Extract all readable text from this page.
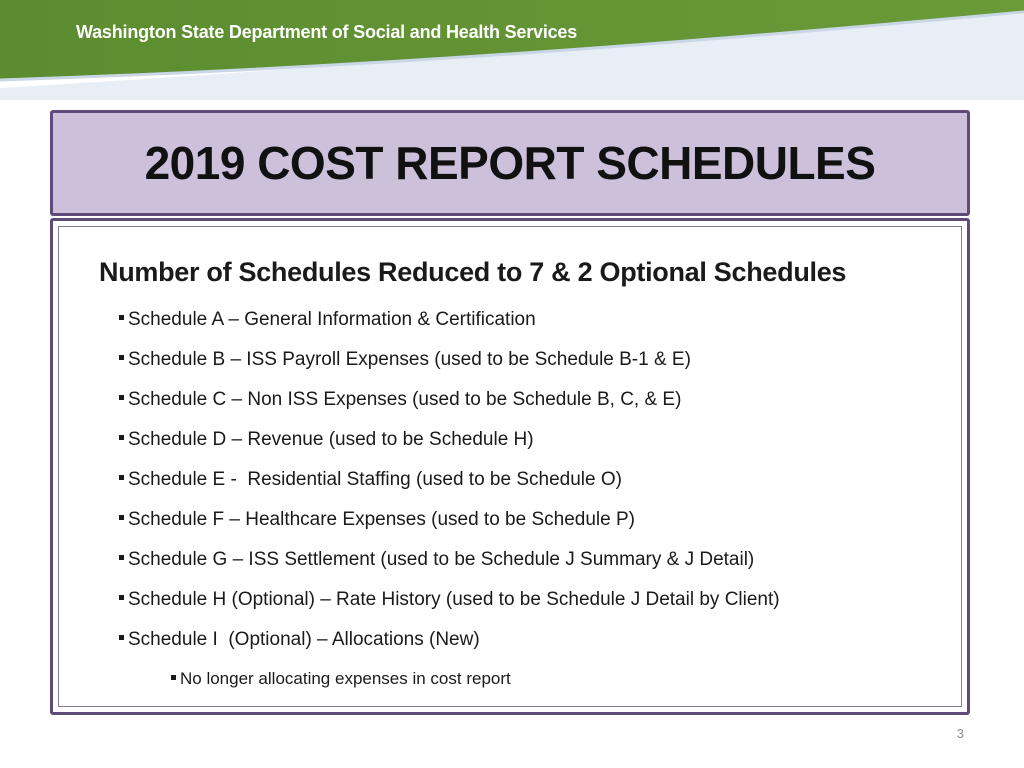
Washington State Department of Social and Health Services
2019 COST REPORT SCHEDULES
Number of Schedules Reduced to 7 & 2 Optional Schedules
Schedule A – General Information & Certification
Schedule B – ISS Payroll Expenses (used to be Schedule B-1 & E)
Schedule C – Non ISS Expenses (used to be Schedule B, C, & E)
Schedule D – Revenue (used to be Schedule H)
Schedule E -  Residential Staffing (used to be Schedule O)
Schedule F – Healthcare Expenses (used to be Schedule P)
Schedule G – ISS Settlement (used to be Schedule J Summary & J Detail)
Schedule H (Optional) – Rate History (used to be Schedule J Detail by Client)
Schedule I  (Optional) – Allocations (New)
No longer allocating expenses in cost report
3
